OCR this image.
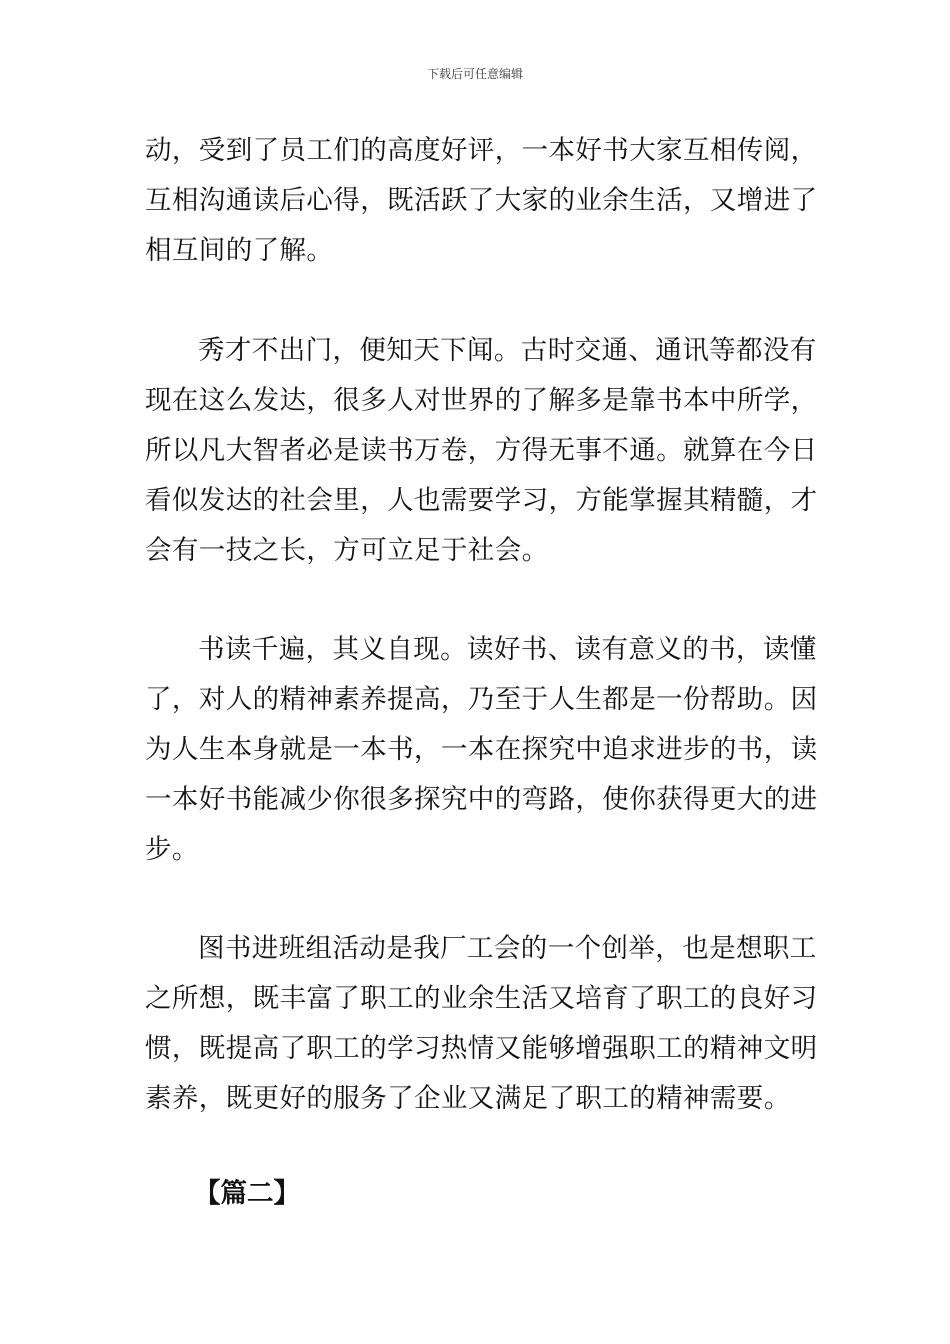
下载后可任意编辑

动，受到了员工们的高度好评，一本好书大家互相传阅，
互相沟通读后心得，既活跃了大家的业余生活，又增进了
相互间的了解。

秀才不出门，便知天下闻。古时交通、通讯等都没有
现在这么发达，很多人对世界的了解多是靠书本中所学，
所以凡大智者必是读书万卷，方得无事不通。就算在今日
看似发达的社会里，人也需要学习，方能掌握其精髓，才
会有一技之长，方可立足于社会。

书读千遍，其义自现。读好书、读有意义的书，读懂
了，对人的精神素养提高，乃至于人生都是一份帮助。因
为人生本身就是一本书，一本在探究中追求进步的书，读
一本好书能减少你很多探究中的弯路，使你获得更大的进
步。

图书进班组活动是我厂工会的一个创举，也是想职工
之所想，既丰富了职工的业余生活又培育了职工的良好习
惯，既提高了职工的学习热情又能够增强职工的精神文明
素养，既更好的服务了企业又满足了职工的精神需要。

【篇二】
